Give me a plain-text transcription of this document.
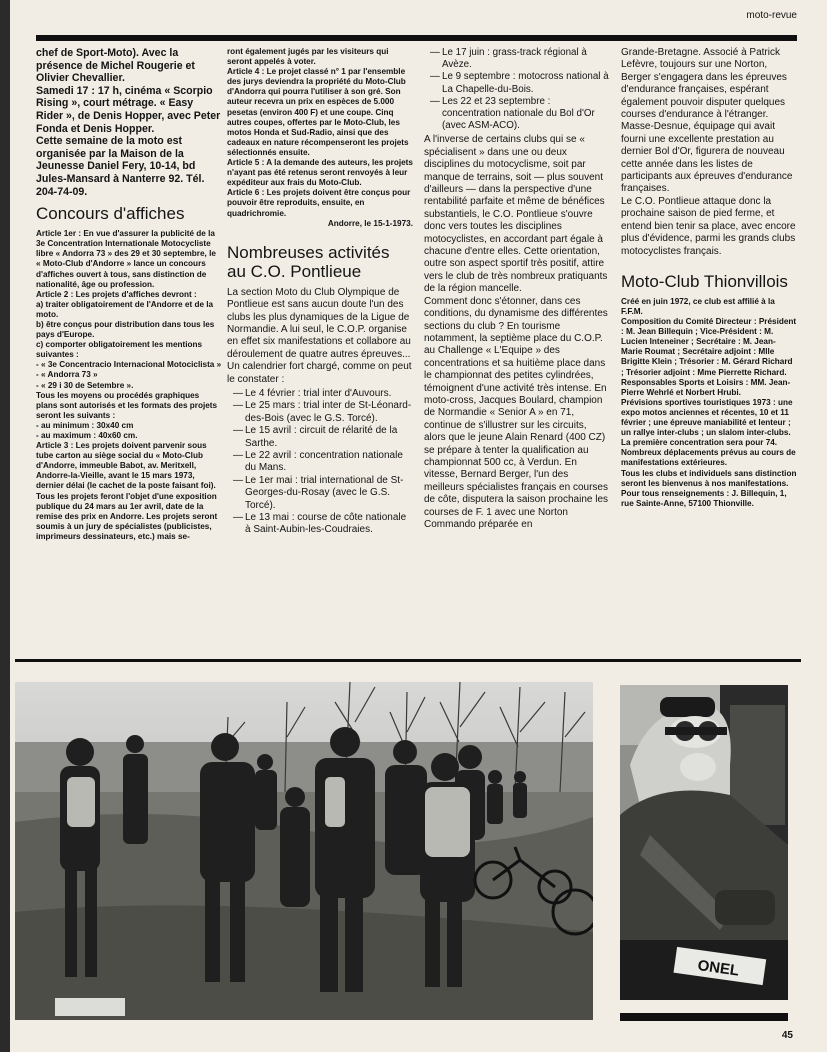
moto-revue

chef de Sport-Moto). Avec la présence de Michel Rougerie et Olivier Chevallier.

Samedi 17 : 17 h, cinéma « Scorpio Rising », court métrage. « Easy Rider », de Denis Hopper, avec Peter Fonda et Denis Hopper.

Cette semaine de la moto est organisée par la Maison de la Jeunesse Daniel Fery, 10-14, bd Jules-Mansard à Nanterre 92. Tél. 204-74-09.

Concours d'affiches

Article 1er : En vue d'assurer la publicité de la 3e Concentration Internationale Motocycliste libre « Andorra 73 » des 29 et 30 septembre, le « Moto-Club d'Andorre » lance un concours d'affiches ouvert à tous, sans distinction de nationalité, âge ou profession.

Article 2 : Les projets d'affiches devront :

a) traiter obligatoirement de l'Andorre et de la moto.

b) être conçus pour distribution dans tous les pays d'Europe.

c) comporter obligatoirement les mentions suivantes :

- « 3e Concentracio Internacional Motociclista »

- « Andorra 73 »

- « 29 i 30 de Setembre ».

Tous les moyens ou procédés graphiques plans sont autorisés et les formats des projets seront les suivants :

- au minimum : 30x40 cm

- au maximum : 40x60 cm.

Article 3 : Les projets doivent parvenir sous tube carton au siège social du « Moto-Club d'Andorre, immeuble Babot, av. Meritxell, Andorre-la-Vieille, avant le 15 mars 1973, dernier délai (le cachet de la poste faisant foi).

Tous les projets feront l'objet d'une exposition publique du 24 mars au 1er avril, date de la remise des prix en Andorre. Les projets seront soumis à un jury de spécialistes (publicistes, imprimeurs dessinateurs, etc.) mais se-

ront également jugés par les visiteurs qui seront appelés à voter.

Article 4 : Le projet classé n° 1 par l'ensemble des jurys deviendra la propriété du Moto-Club d'Andorra qui pourra l'utiliser à son gré. Son auteur recevra un prix en espèces de 5.000 pesetas (environ 400 F) et une coupe. Cinq autres coupes, offertes par le Moto-Club, les motos Honda et Sud-Radio, ainsi que des cadeaux en nature récompenseront les projets sélectionnés ensuite.

Article 5 : A la demande des auteurs, les projets n'ayant pas été retenus seront renvoyés à leur expéditeur aux frais du Moto-Club.

Article 6 : Les projets doivent être conçus pour pouvoir être reproduits, ensuite, en quadrichromie.

Andorre, le 15-1-1973.

Nombreuses activités au C.O. Pontlieue

La section Moto du Club Olympique de Pontlieue est sans aucun doute l'un des clubs les plus dynamiques de la Ligue de Normandie. A lui seul, le C.O.P. organise en effet six manifestations et collabore au déroulement de quatre autres épreuves... Un calendrier fort chargé, comme on peut le constater :

— Le 4 février : trial inter d'Auvours.
— Le 25 mars : trial inter de St-Léonard-des-Bois (avec le G.S. Torcé).
— Le 15 avril : circuit de rélarité de la Sarthe.
— Le 22 avril : concentration nationale du Mans.
— Le 1er mai : trial international de St-Georges-du-Rosay (avec le G.S. Torcé).
— Le 13 mai : course de côte nationale à Saint-Aubin-les-Coudraies.
— Le 17 juin : grass-track régional à Avèze.
— Le 9 septembre : motocross national à La Chapelle-du-Bois.
— Les 22 et 23 septembre : concentration nationale du Bol d'Or (avec ASM-ACO).

A l'inverse de certains clubs qui se « spécialisent » dans une ou deux disciplines du motocyclisme, soit par manque de terrains, soit — plus souvent d'ailleurs — dans la perspective d'une rentabilité parfaite et même de bénéfices substantiels, le C.O. Pontlieue s'ouvre donc vers toutes les disciplines motocyclistes, en accordant part égale à chacune d'entre elles. Cette orientation, outre son aspect sportif très positif, attire vers le club de très nombreux pratiquants de la région mancelle.

Comment donc s'étonner, dans ces conditions, du dynamisme des différentes sections du club ? En tourisme notamment, la septième place du C.O.P. au Challenge « L'Equipe » des concentrations et sa huitième place dans le championnat des petites cylindrées, témoignent d'une activité très intense. En moto-cross, Jacques Boulard, champion de Normandie « Senior A » en 71, continue de s'illustrer sur les circuits, alors que le jeune Alain Renard (400 CZ) se prépare à tenter la qualification au championnat 500 cc, à Verdun. En vitesse, Bernard Berger, l'un des meilleurs spécialistes français en courses de côte, disputera la saison prochaine les courses de F. 1 avec une Norton Commando préparée en

Grande-Bretagne. Associé à Patrick Lefèvre, toujours sur une Norton, Berger s'engagera dans les épreuves d'endurance françaises, espérant également pouvoir disputer quelques courses d'endurance à l'étranger. Masse-Desnue, équipage qui avait fourni une excellente prestation au dernier Bol d'Or, figurera de nouveau cette année dans les listes de participants aux épreuves d'endurance françaises.

Le C.O. Pontlieue attaque donc la prochaine saison de pied ferme, et entend bien tenir sa place, avec encore plus d'évidence, parmi les grands clubs motocyclistes français.

Moto-Club Thionvillois

Créé en juin 1972, ce club est affilié à la F.F.M.

Composition du Comité Directeur : Président : M. Jean Billequin ; Vice-Président : M. Lucien Inteneiner ; Secrétaire : M. Jean-Marie Roumat ; Secrétaire adjoint : Mlle Brigitte Klein ; Trésorier : M. Gérard Richard ; Trésorier adjoint : Mme Pierrette Richard.

Responsables Sports et Loisirs : MM. Jean-Pierre Wehrlé et Norbert Hrubi.

Prévisions sportives touristiques 1973 : une expo motos anciennes et récentes, 10 et 11 février ; une épreuve maniabilité et lenteur ; un rallye inter-clubs ; un slalom inter-clubs.

La première concentration sera pour 74. Nombreux déplacements prévus au cours de manifestations extérieures.

Tous les clubs et individuels sans distinction seront les bienvenus à nos manifestations.

Pour tous renseignements : J. Billequin, 1, rue Sainte-Anne, 57100 Thionville.

ONEL
45
